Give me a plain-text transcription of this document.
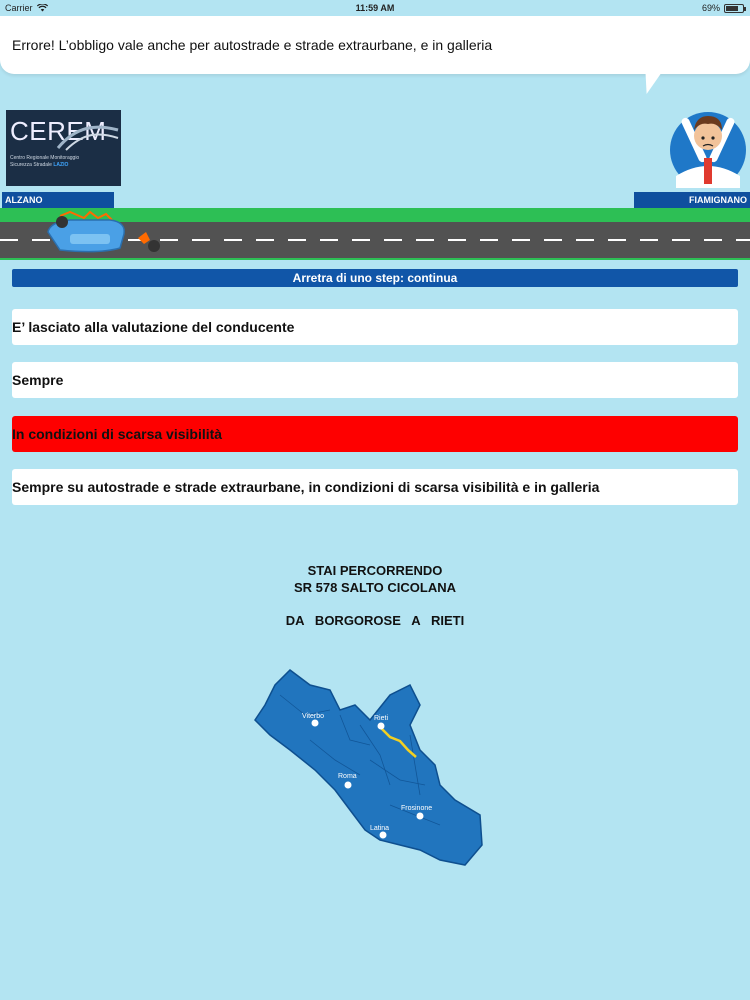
Carrier	11:59 AM	69%
Errore! L’obbligo vale anche per autostrade e strade extraurbane, e in galleria
CEREM
Centro Regionale Monitoraggio Sicurezza Stradale LAZIO
ALZANO	FIAMIGNANO
Arretra di uno step: continua
E’ lasciato alla valutazione del conducente
Sempre
In condizioni di scarsa visibilità
Sempre su autostrade e strade extraurbane, in condizioni di scarsa visibilità e in galleria
STAI PERCORRENDO
SR 578 SALTO CICOLANA
DA   BORGOROSE   A   RIETI
Viterbo	Rieti
Roma
Frosinone
Latina
